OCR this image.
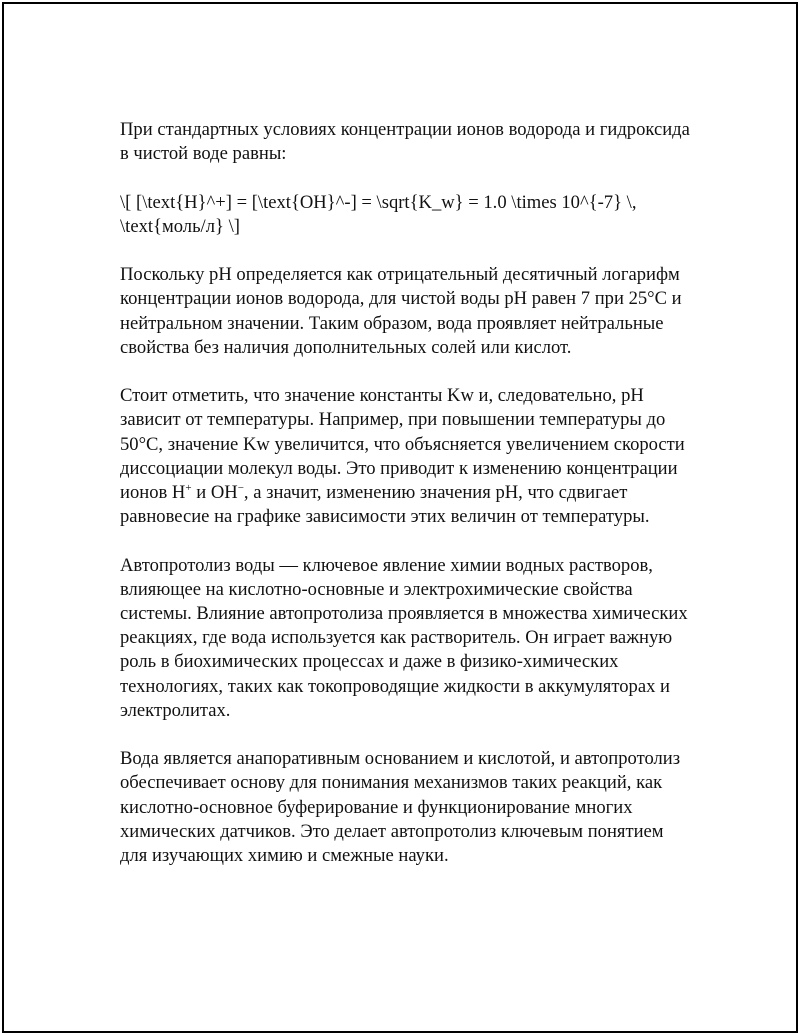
При стандартных условиях концентрации ионов водорода и гидроксида
в чистой воде равны:

\[ [\text{H}^+] = [\text{OH}^-] = \sqrt{K_w} = 1.0 \times 10^{-7} \,
\text{моль/л} \]

Поскольку pH определяется как отрицательный десятичный логарифм
концентрации ионов водорода, для чистой воды pH равен 7 при 25°C и
нейтральном значении. Таким образом, вода проявляет нейтральные
свойства без наличия дополнительных солей или кислот.

Стоит отметить, что значение константы Kw и, следовательно, pH
зависит от температуры. Например, при повышении температуры до
50°C, значение Kw увеличится, что объясняется увеличением скорости
диссоциации молекул воды. Это приводит к изменению концентрации
ионов H+ и OH−, а значит, изменению значения pH, что сдвигает
равновесие на графике зависимости этих величин от температуры.

Автопротолиз воды — ключевое явление химии водных растворов,
влияющее на кислотно-основные и электрохимические свойства
системы. Влияние автопротолиза проявляется в множества химических
реакциях, где вода используется как растворитель. Он играет важную
роль в биохимических процессах и даже в физико-химических
технологиях, таких как токопроводящие жидкости в аккумуляторах и
электролитах.

Вода является анапоративным основанием и кислотой, и автопротолиз
обеспечивает основу для понимания механизмов таких реакций, как
кислотно-основное буферирование и функционирование многих
химических датчиков. Это делает автопротолиз ключевым понятием
для изучающих химию и смежные науки.
